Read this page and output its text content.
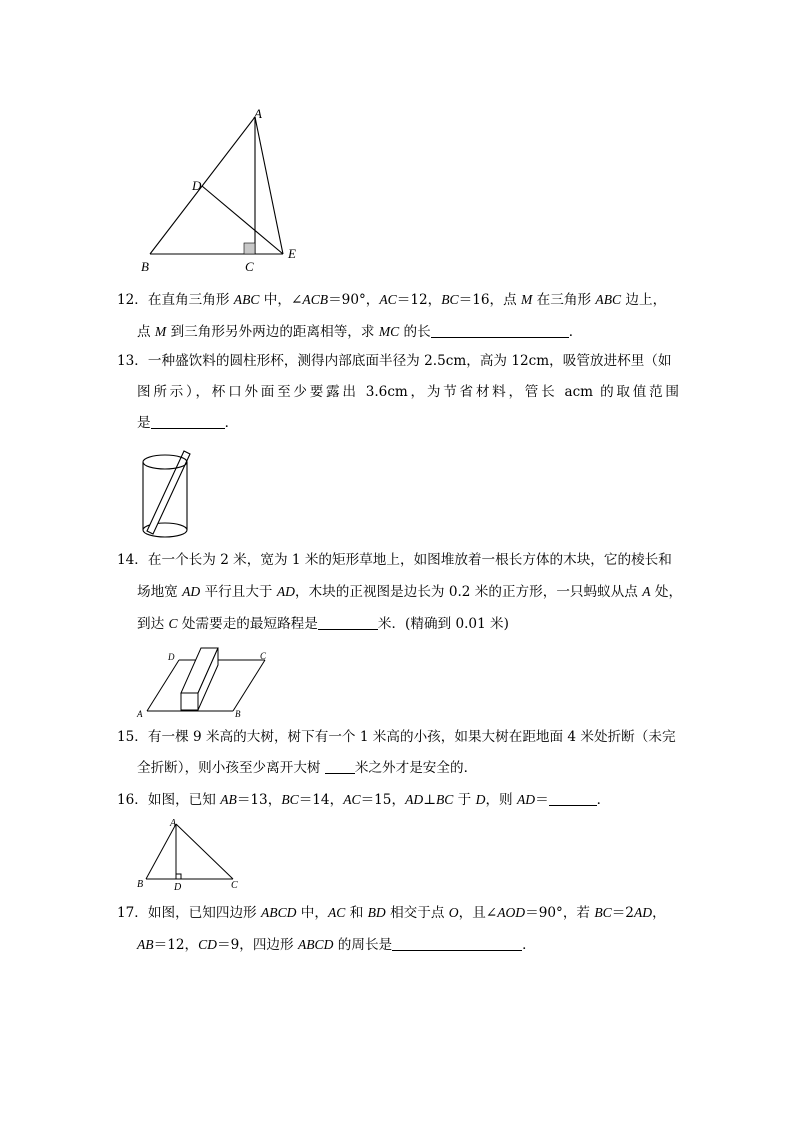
A
B	C
D
E
12．在直角三角形 ABC 中，∠ACB＝90°，AC＝12，BC＝16，点 M 在三角形 ABC 边上，
点 M 到三角形另外两边的距离相等，求 MC 的长	．
13．一种盛饮料的圆柱形杯，测得内部底面半径为 2.5cm，高为 12cm，吸管放进杯里（如
图所示），杯口外面至少要露出 3.6cm，为节省材料，管长 acm 的取值范围
是	．
14．在一个长为 2 米，宽为 1 米的矩形草地上，如图堆放着一根长方体的木块，它的棱长和
场地宽 AD 平行且大于 AD，木块的正视图是边长为 0.2 米的正方形，一只蚂蚁从点 A 处，
到达 C 处需要走的最短路程是	米．(精确到 0.01 米)
A	B
C
D
15．有一棵 9 米高的大树，树下有一个 1 米高的小孩，如果大树在距地面 4 米处折断（未完
全折断），则小孩至少离开大树 米之外才是安全的．
16．如图，已知 AB＝13，BC＝14，AC＝15，AD⊥BC 于 D，则 AD＝	．
A
B	D	C
17．如图，已知四边形 ABCD 中，AC 和 BD 相交于点 O，且∠AOD＝90°，若 BC＝2AD，
AB＝12，CD＝9，四边形 ABCD 的周长是	．
